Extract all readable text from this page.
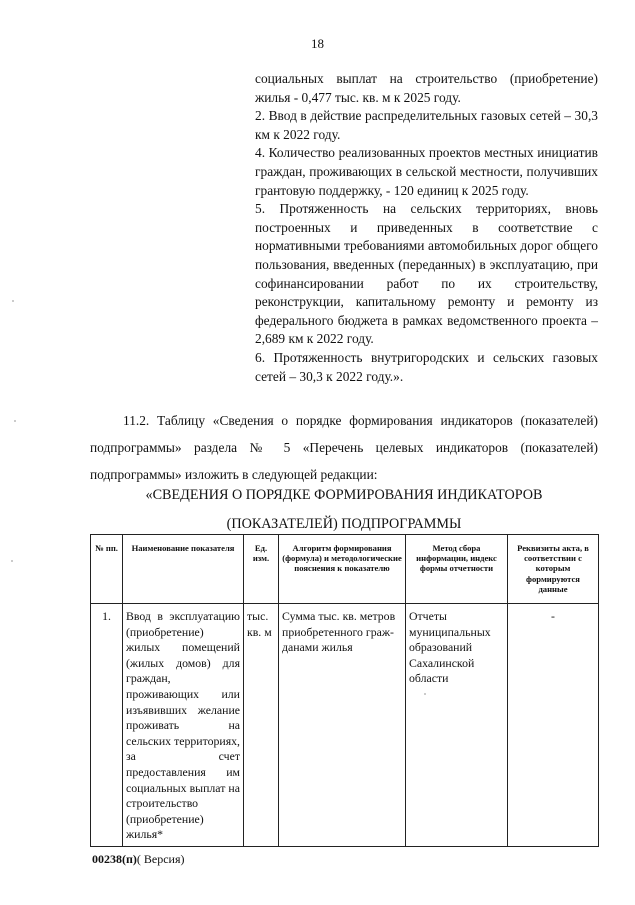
18

социальных выплат на строительство (приобретение) жилья - 0,477 тыс. кв. м к 2025 году.

2. Ввод в действие распределительных газовых сетей – 30,3 км к 2022 году.

4. Количество реализованных проектов местных инициатив граждан, проживающих в сельской местности, получивших грантовую поддержку, - 120 единиц к 2025 году.

5. Протяженность на сельских территориях, вновь построенных и приведенных в соответствие с нормативными требованиями автомобильных дорог общего пользования, введенных (переданных) в эксплуатацию, при софинансировании работ по их строительству, реконструкции, капитальному ремонту и ремонту из федерального бюджета в рамках ведомственного проекта – 2,689 км к 2022 году.

6. Протяженность внутригородских и сельских газовых сетей – 30,3 к 2022 году.».

11.2. Таблицу «Сведения о порядке формирования индикаторов (показателей) подпрограммы» раздела № 5 «Перечень целевых индикаторов (показателей) подпрограммы» изложить в следующей редакции:

«СВЕДЕНИЯ О ПОРЯДКЕ ФОРМИРОВАНИЯ ИНДИКАТОРОВ
(ПОКАЗАТЕЛЕЙ) ПОДПРОГРАММЫ
№ пп.	Наименование показателя	Ед. изм.	Алгоритм формирования (формула) и методологические пояснения к показателю	Метод сбора информации, индекс формы отчетности	Реквизиты акта, в соответствии с которым формируются данные
1.	Ввод в эксплуатацию (приобретение) жилых помещений (жилых домов) для граждан, проживающих или изъявивших желание проживать на сельских территориях, за счет предоставления им социальных выплат на строительство (приобретение) жилья*	тыс. кв. м	Сумма тыс. кв. метров приобретенного граж-данами жилья	Отчеты муниципальных образований Сахалинской области	-
00238(п)( Версия)
